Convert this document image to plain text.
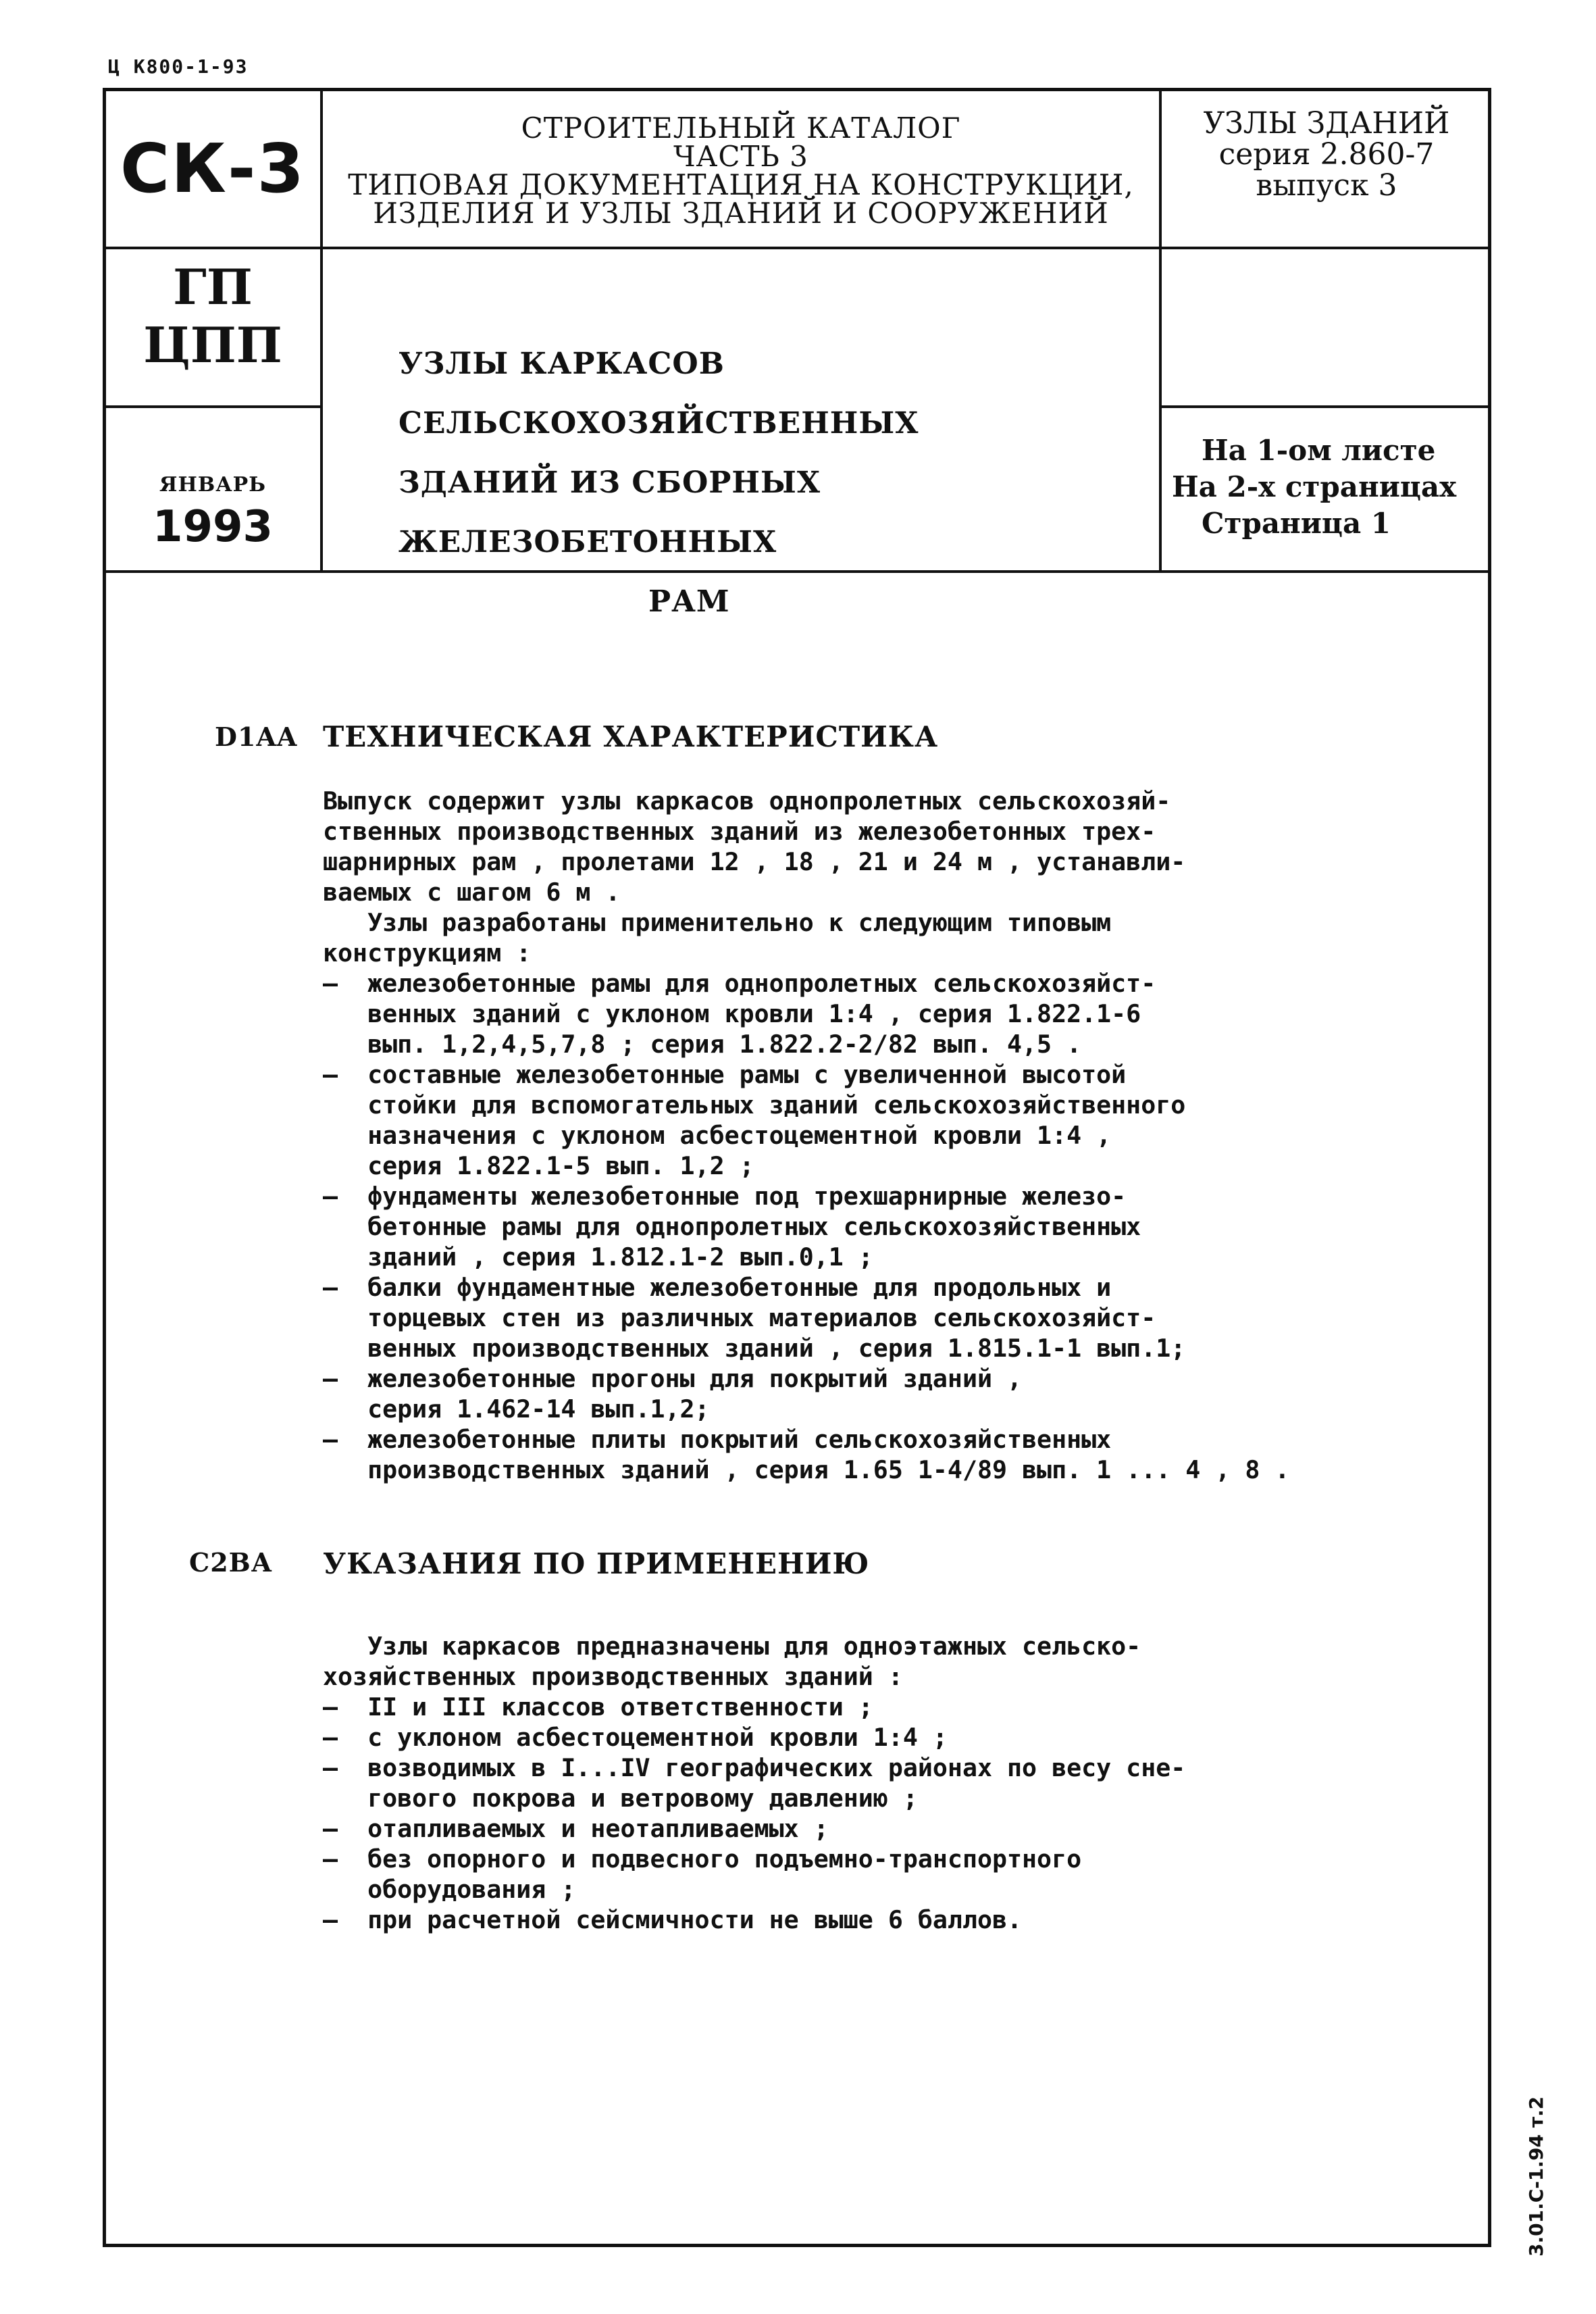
Ц К800-1-93
СК-3
СТРОИТЕЛЬНЫЙ КАТАЛОГ
ЧАСТЬ 3
ТИПОВАЯ ДОКУМЕНТАЦИЯ НА КОНСТРУКЦИИ,
ИЗДЕЛИЯ И УЗЛЫ ЗДАНИЙ И СООРУЖЕНИЙ
УЗЛЫ ЗДАНИЙ
серия 2.860-7
выпуск 3
ГП
ЦПП
ЯНВАРЬ
1993
УЗЛЫ КАРКАСОВ СЕЛЬСКОХОЗЯЙСТВЕННЫХ
ЗДАНИЙ ИЗ СБОРНЫХ ЖЕЛЕЗОБЕТОННЫХ
РАМ
На 1-ом листе
На 2-х страницах
Страница 1
D1AA ТЕХНИЧЕСКАЯ ХАРАКТЕРИСТИКА
Выпуск содержит узлы каркасов однопролетных сельскохозяй-
ственных производственных зданий из железобетонных трех-
шарнирных рам , пролетами 12 , 18 , 21 и 24 м , устанавли-
ваемых с шагом 6 м .
Узлы разработаны применительно к следующим типовым
конструкциям :
–  железобетонные рамы для однопролетных сельскохозяйст-
венных зданий с уклоном кровли 1:4 , серия 1.822.1-6
вып. 1,2,4,5,7,8 ; серия 1.822.2-2/82 вып. 4,5 .
–  составные железобетонные рамы с увеличенной высотой
стойки для вспомогательных зданий сельскохозяйственного
назначения с уклоном асбестоцементной кровли 1:4 ,
серия 1.822.1-5 вып. 1,2 ;
–  фундаменты железобетонные под трехшарнирные железо-
бетонные рамы для однопролетных сельскохозяйственных
зданий , серия 1.812.1-2 вып.0,1 ;
–  балки фундаментные железобетонные для продольных и
торцевых стен из различных материалов сельскохозяйст-
венных производственных зданий , серия 1.815.1-1 вып.1;
–  железобетонные прогоны для покрытий зданий ,
серия 1.462-14 вып.1,2;
–  железобетонные плиты покрытий сельскохозяйственных
производственных зданий , серия 1.65 1-4/89 вып. 1 ... 4 , 8 .
С2ВА УКАЗАНИЯ ПО ПРИМЕНЕНИЮ
Узлы каркасов предназначены для одноэтажных сельско-
хозяйственных производственных зданий :
–  II и III классов ответственности ;
–  с уклоном асбестоцементной кровли 1:4 ;
–  возводимых в I...IV географических районах по весу сне-
гового покрова и ветровому давлению ;
–  отапливаемых и неотапливаемых ;
–  без опорного и подвесного подъемно-транспортного
оборудования ;
–  при расчетной сейсмичности не выше 6 баллов.
3.01.С-1.94 т.2
